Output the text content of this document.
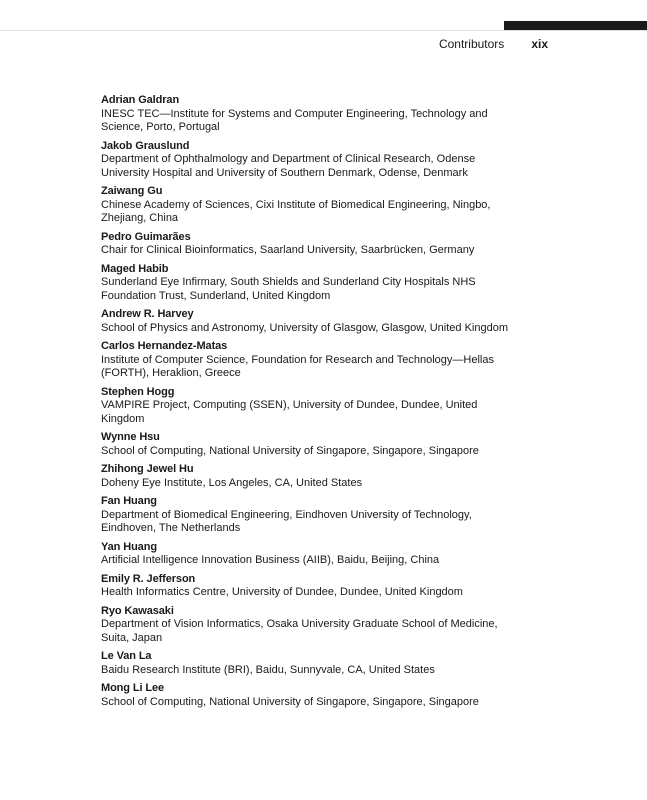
Contributors xix
Adrian Galdran
INESC TEC—Institute for Systems and Computer Engineering, Technology and Science, Porto, Portugal
Jakob Grauslund
Department of Ophthalmology and Department of Clinical Research, Odense University Hospital and University of Southern Denmark, Odense, Denmark
Zaiwang Gu
Chinese Academy of Sciences, Cixi Institute of Biomedical Engineering, Ningbo, Zhejiang, China
Pedro Guimarães
Chair for Clinical Bioinformatics, Saarland University, Saarbrücken, Germany
Maged Habib
Sunderland Eye Infirmary, South Shields and Sunderland City Hospitals NHS Foundation Trust, Sunderland, United Kingdom
Andrew R. Harvey
School of Physics and Astronomy, University of Glasgow, Glasgow, United Kingdom
Carlos Hernandez-Matas
Institute of Computer Science, Foundation for Research and Technology—Hellas (FORTH), Heraklion, Greece
Stephen Hogg
VAMPIRE Project, Computing (SSEN), University of Dundee, Dundee, United Kingdom
Wynne Hsu
School of Computing, National University of Singapore, Singapore, Singapore
Zhihong Jewel Hu
Doheny Eye Institute, Los Angeles, CA, United States
Fan Huang
Department of Biomedical Engineering, Eindhoven University of Technology, Eindhoven, The Netherlands
Yan Huang
Artificial Intelligence Innovation Business (AIIB), Baidu, Beijing, China
Emily R. Jefferson
Health Informatics Centre, University of Dundee, Dundee, United Kingdom
Ryo Kawasaki
Department of Vision Informatics, Osaka University Graduate School of Medicine, Suita, Japan
Le Van La
Baidu Research Institute (BRI), Baidu, Sunnyvale, CA, United States
Mong Li Lee
School of Computing, National University of Singapore, Singapore, Singapore
